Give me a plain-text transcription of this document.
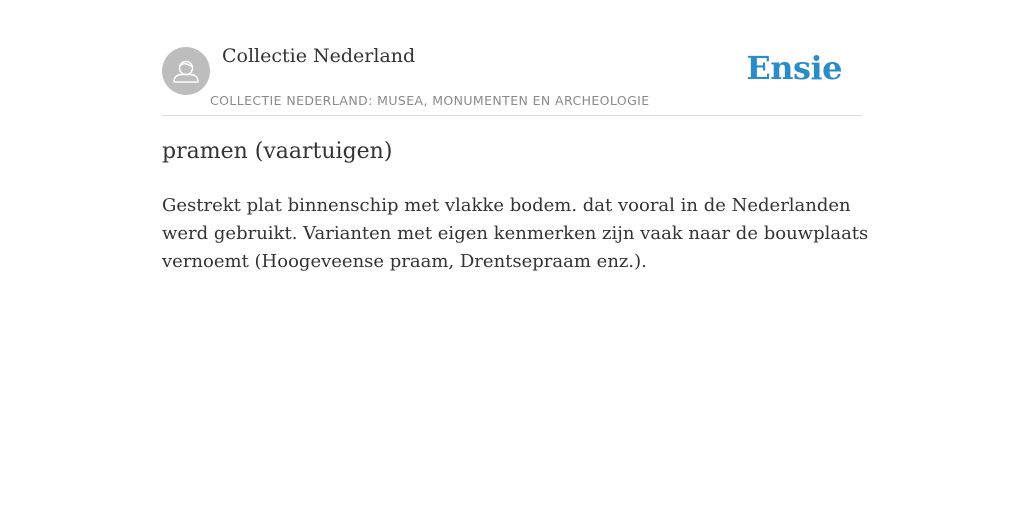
Collectie Nederland
COLLECTIE NEDERLAND: MUSEA, MONUMENTEN EN ARCHEOLOGIE
Ensie
pramen (vaartuigen)

Gestrekt plat binnenschip met vlakke bodem. dat vooral in de Nederlanden werd gebruikt. Varianten met eigen kenmerken zijn vaak naar de bouwplaats vernoemt (Hoogeveense praam, Drentsepraam enz.).
